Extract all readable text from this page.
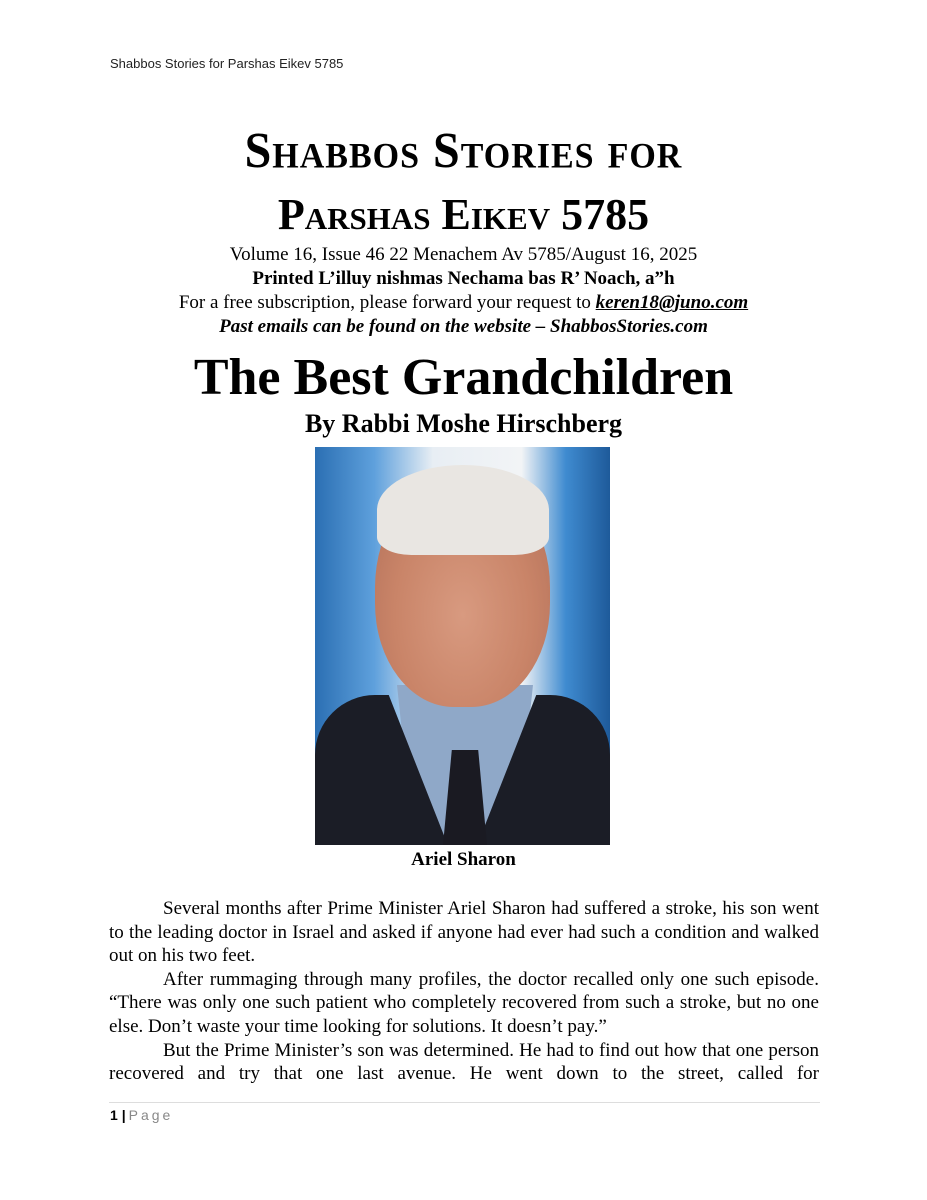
Shabbos Stories for Parshas Eikev 5785
Shabbos Stories for
Parshas Eikev 5785
Volume 16, Issue 46 22 Menachem Av 5785/August 16, 2025
Printed L’illuy nishmas Nechama bas R’ Noach, a”h
For a free subscription, please forward your request to keren18@juno.com
Past emails can be found on the website – ShabbosStories.com
The Best Grandchildren
By Rabbi Moshe Hirschberg
Ariel Sharon

Several months after Prime Minister Ariel Sharon had suffered a stroke, his son went to the leading doctor in Israel and asked if anyone had ever had such a condition and walked out on his two feet.

After rummaging through many profiles, the doctor recalled only one such episode. “There was only one such patient who completely recovered from such a stroke, but no one else. Don’t waste your time looking for solutions. It doesn’t pay.”

But the Prime Minister’s son was determined. He had to find out how that one person recovered and try that one last avenue. He went down to the street, called for

1 | Page
